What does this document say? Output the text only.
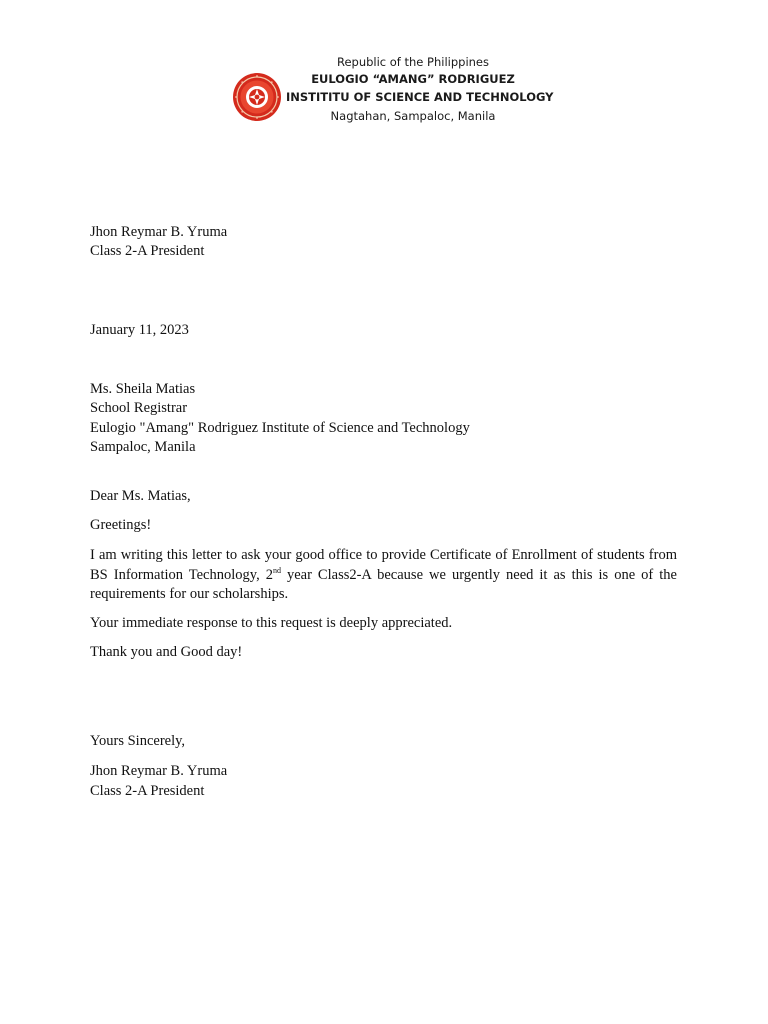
Republic of the Philippines
EULOGIO “AMANG” RODRIGUEZ
INSTITITU OF SCIENCE AND TECHNOLOGY
Nagtahan, Sampaloc, Manila
Jhon Reymar B. Yruma
Class 2-A President
January 11, 2023
Ms. Sheila Matias
School Registrar
Eulogio "Amang" Rodriguez Institute of Science and Technology
Sampaloc, Manila
Dear Ms. Matias,
Greetings!
I am writing this letter to ask your good office to provide Certificate of Enrollment of students from BS Information Technology, 2nd year Class2-A because we urgently need it as this is one of the requirements for our scholarships.
Your immediate response to this request is deeply appreciated.
Thank you and Good day!
Yours Sincerely,
Jhon Reymar B. Yruma
Class 2-A President
